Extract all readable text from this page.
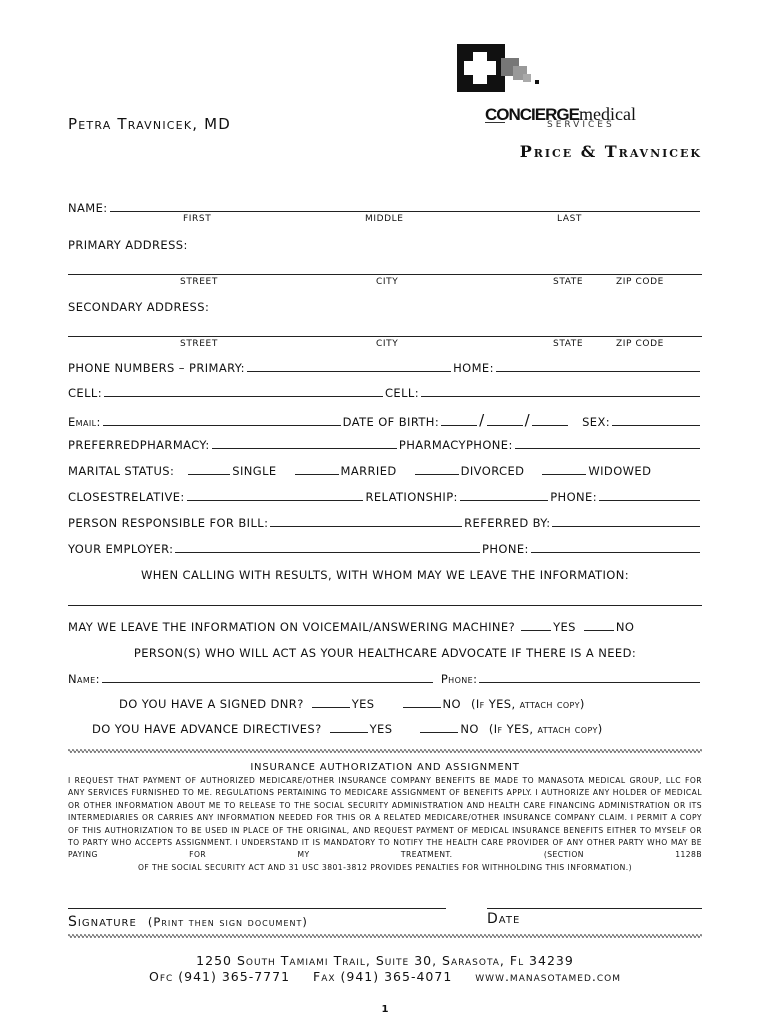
Petra Travnicek, MD	CONCIERGEmedical
SERVICES
Price & Travnicek
NAME:
FIRST	MIDDLE	LAST
PRIMARY ADDRESS:
STREET	CITY	STATE	ZIP CODE
SECONDARY ADDRESS:
STREET	CITY	STATE	ZIP CODE
PHONE NUMBERS – PRIMARY:	HOME:
CELL:	CELL:
Email:	DATE OF BIRTH:	/	/	SEX:
PREFERREDPHARMACY:	PHARMACYPHONE:
MARITAL STATUS:	SINGLE	MARRIED	DIVORCED	WIDOWED
CLOSESTRELATIVE:	RELATIONSHIP:	PHONE:
PERSON RESPONSIBLE FOR BILL:	REFERRED BY:
YOUR EMPLOYER:	PHONE:
WHEN CALLING WITH RESULTS, WITH WHOM MAY WE LEAVE THE INFORMATION:
MAY WE LEAVE THE INFORMATION ON VOICEMAIL/ANSWERING MACHINE?	YES	NO
PERSON(S) WHO WILL ACT AS YOUR HEALTHCARE ADVOCATE IF THERE IS A NEED:
Name:	Phone:
DO YOU HAVE A SIGNED DNR?	YES	NO (If YES, attach copy)
DO YOU HAVE ADVANCE DIRECTIVES?	YES	NO (If YES, attach copy)
INSURANCE AUTHORIZATION AND ASSIGNMENT
I REQUEST THAT PAYMENT OF AUTHORIZED MEDICARE/OTHER INSURANCE COMPANY BENEFITS BE MADE TO MANASOTA MEDICAL GROUP, LLC FOR ANY SERVICES FURNISHED TO ME. REGULATIONS PERTAINING TO MEDICARE ASSIGNMENT OF BENEFITS APPLY. I AUTHORIZE ANY HOLDER OF MEDICAL OR OTHER INFORMATION ABOUT ME TO RELEASE TO THE SOCIAL SECURITY ADMINISTRATION AND HEALTH CARE FINANCING ADMINISTRATION OR ITS INTERMEDIARIES OR CARRIES ANY INFORMATION NEEDED FOR THIS OR A RELATED MEDICARE/OTHER INSURANCE COMPANY CLAIM. I PERMIT A COPY OF THIS AUTHORIZATION TO BE USED IN PLACE OF THE ORIGINAL, AND REQUEST PAYMENT OF MEDICAL INSURANCE BENEFITS EITHER TO MYSELF OR TO PARTY WHO ACCEPTS ASSIGNMENT. I UNDERSTAND IT IS MANDATORY TO NOTIFY THE HEALTH CARE PROVIDER OF ANY OTHER PARTY WHO MAY BE PAYING FOR MY TREATMENT. (SECTION 1128B
OF THE SOCIAL SECURITY ACT AND 31 USC 3801-3812 PROVIDES PENALTIES FOR WITHHOLDING THIS INFORMATION.)
Signature (Print then sign document)	Date
1250 South Tamiami Trail, Suite 30, Sarasota, Fl 34239
Ofc (941) 365-7771 Fax (941) 365-4071 www.manasotamed.com
1
